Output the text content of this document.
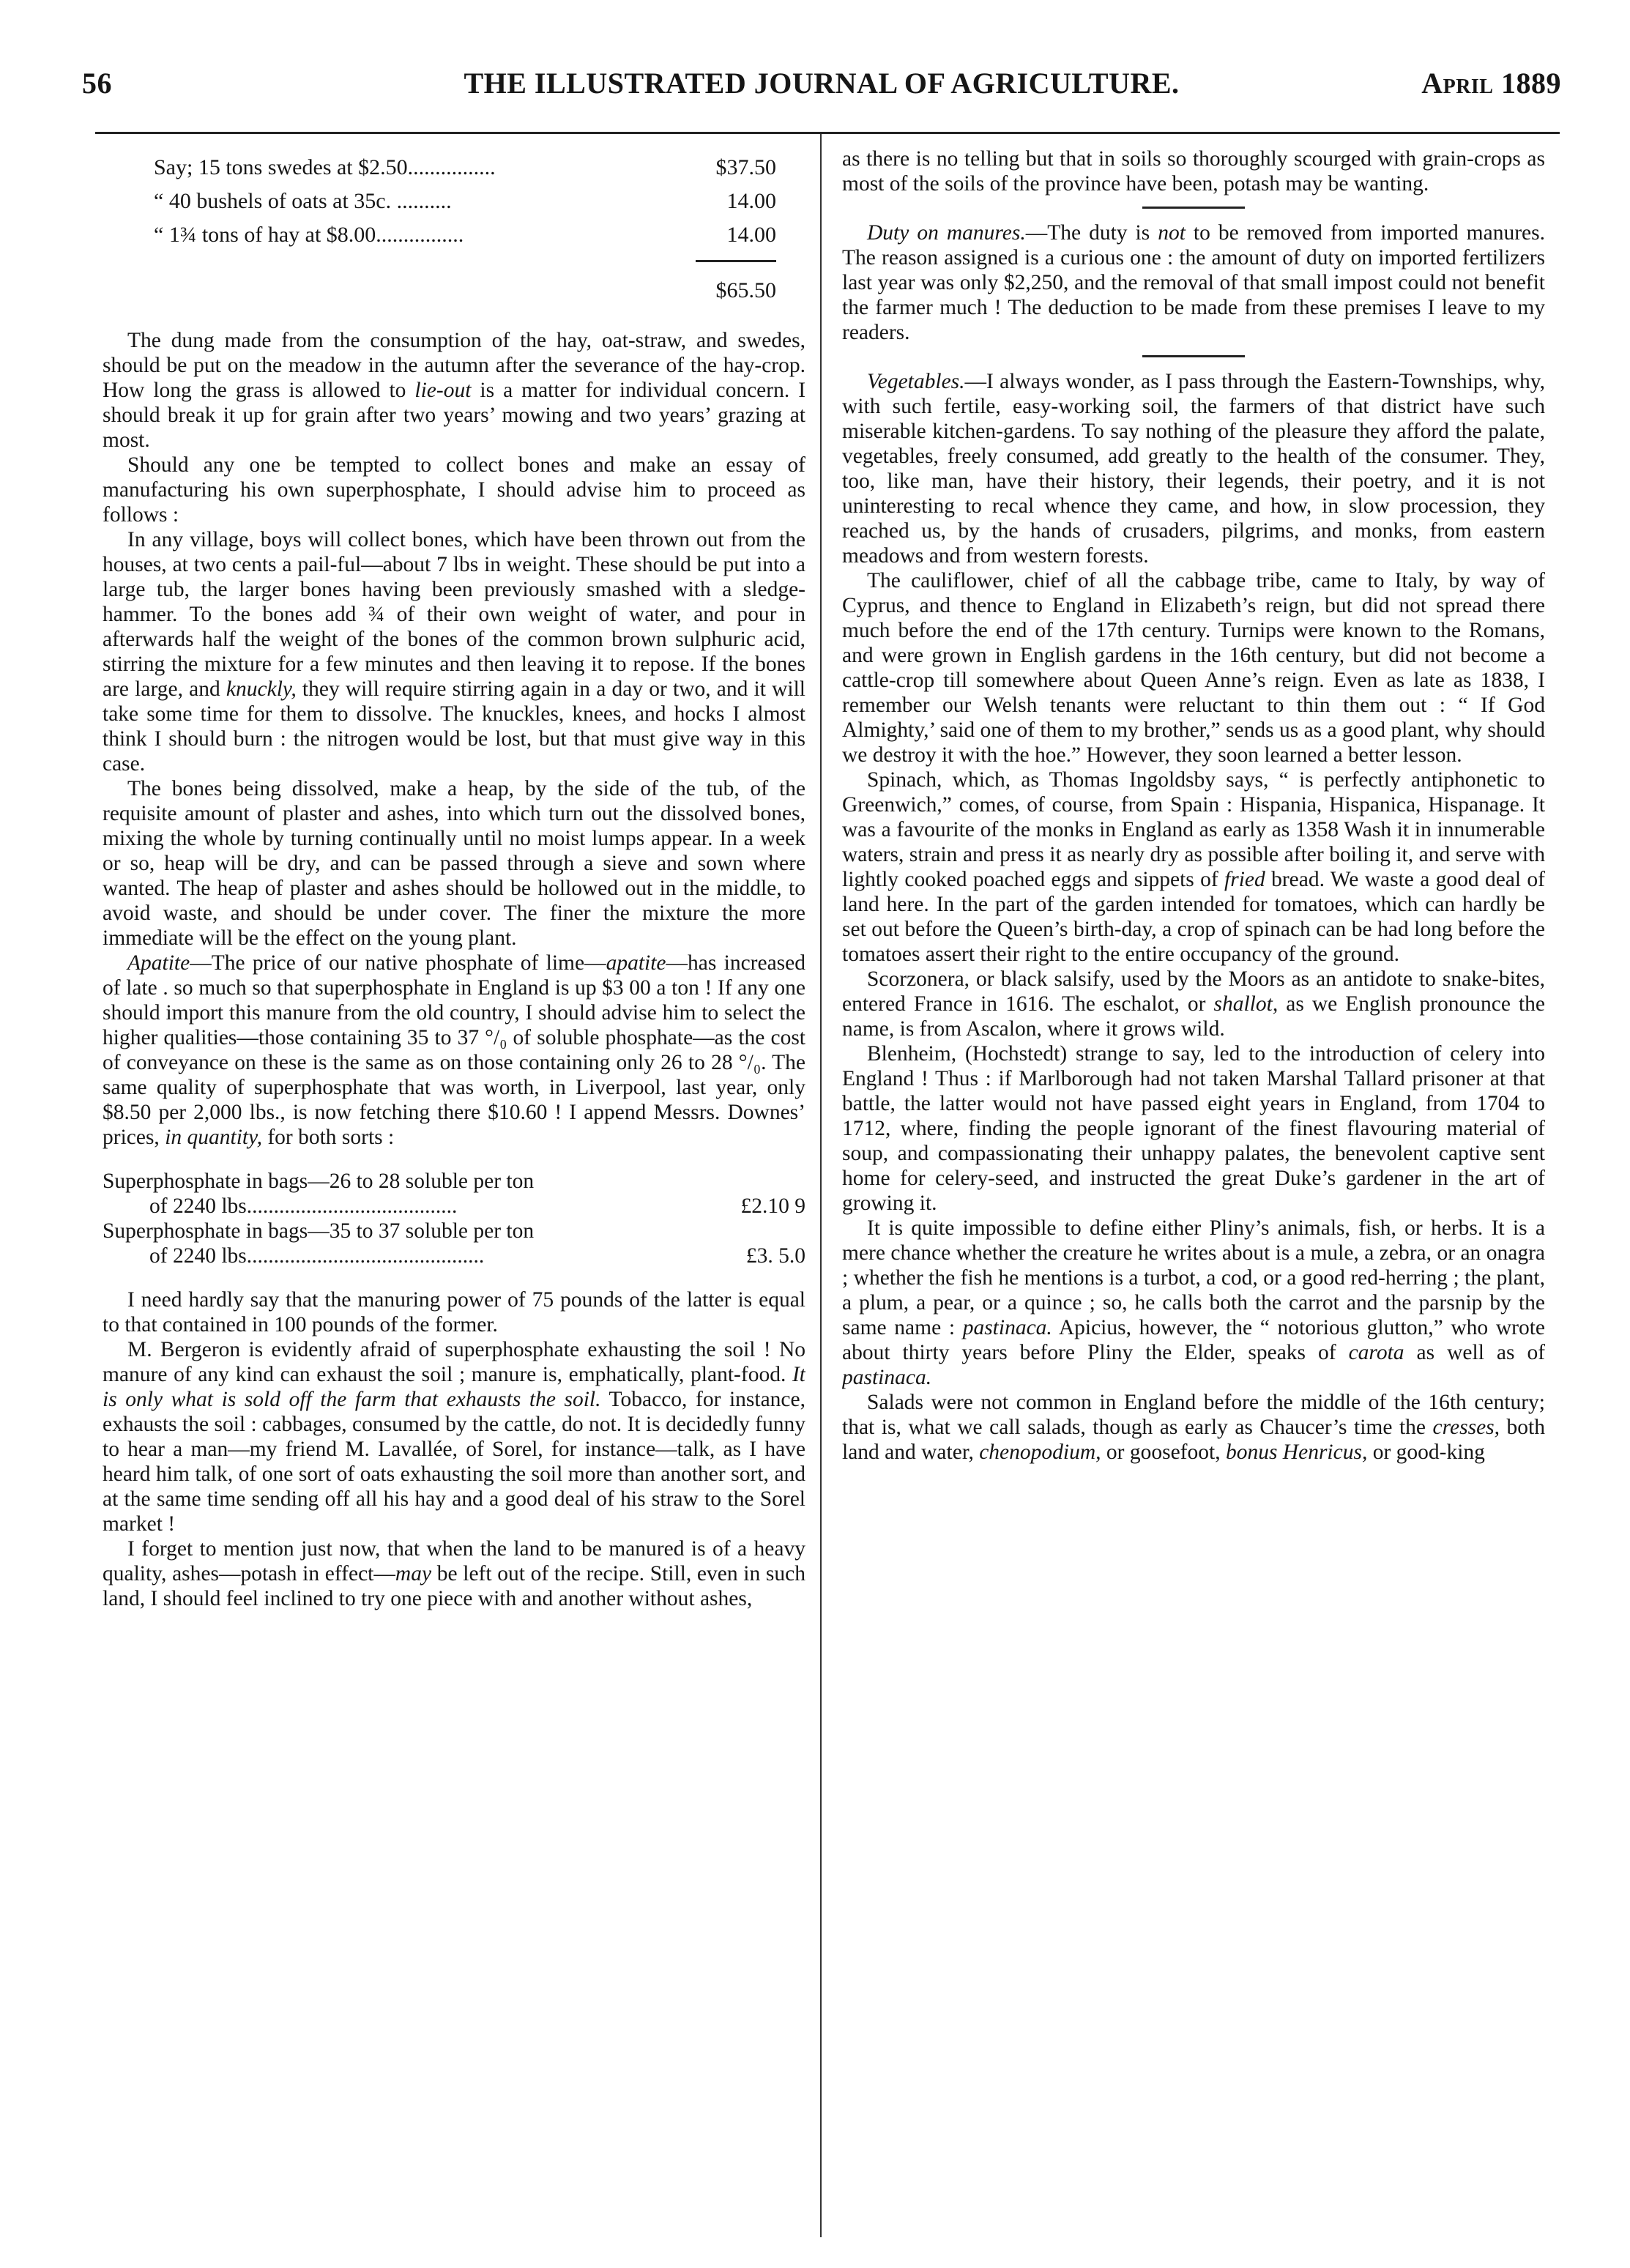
56	THE ILLUSTRATED JOURNAL OF AGRICULTURE.	April 1889
Say; 15 tons swedes at $2.50................	$37.50
“ 40 bushels of oats at 35c. ..........	14.00
“ 1¾ tons of hay at $8.00................	14.00
$65.50

The dung made from the consumption of the hay, oat-straw, and swedes, should be put on the meadow in the autumn after the severance of the hay-crop. How long the grass is allowed to lie-out is a matter for individual concern. I should break it up for grain after two years’ mowing and two years’ grazing at most.

Should any one be tempted to collect bones and make an essay of manufacturing his own superphosphate, I should advise him to proceed as follows :

In any village, boys will collect bones, which have been thrown out from the houses, at two cents a pail-ful—about 7 lbs in weight. These should be put into a large tub, the larger bones having been previously smashed with a sledge-hammer. To the bones add ¾ of their own weight of water, and pour in afterwards half the weight of the bones of the common brown sulphuric acid, stirring the mixture for a few minutes and then leaving it to repose. If the bones are large, and knuckly, they will require stirring again in a day or two, and it will take some time for them to dissolve. The knuckles, knees, and hocks I almost think I should burn : the nitrogen would be lost, but that must give way in this case.

The bones being dissolved, make a heap, by the side of the tub, of the requisite amount of plaster and ashes, into which turn out the dissolved bones, mixing the whole by turning continually until no moist lumps appear. In a week or so, heap will be dry, and can be passed through a sieve and sown where wanted. The heap of plaster and ashes should be hollowed out in the middle, to avoid waste, and should be under cover. The finer the mixture the more immediate will be the effect on the young plant.

Apatite—The price of our native phosphate of lime—apatite—has increased of late . so much so that superphosphate in England is up $3 00 a ton ! If any one should import this manure from the old country, I should advise him to select the higher qualities—those containing 35 to 37 °/₀ of soluble phosphate—as the cost of conveyance on these is the same as on those containing only 26 to 28 °/₀. The same quality of superphosphate that was worth, in Liverpool, last year, only $8.50 per 2,000 lbs., is now fetching there $10.60 ! I append Messrs. Downes’ prices, in quantity, for both sorts :

Superphosphate in bags—26 to 28 soluble per ton
of 2240 lbs.......................................	£2.10 9
Superphosphate in bags—35 to 37 soluble per ton
of 2240 lbs............................................	£3. 5.0

I need hardly say that the manuring power of 75 pounds of the latter is equal to that contained in 100 pounds of the former.

M. Bergeron is evidently afraid of superphosphate exhausting the soil ! No manure of any kind can exhaust the soil ; manure is, emphatically, plant-food. It is only what is sold off the farm that exhausts the soil. Tobacco, for instance, exhausts the soil : cabbages, consumed by the cattle, do not. It is decidedly funny to hear a man—my friend M. Lavallée, of Sorel, for instance—talk, as I have heard him talk, of one sort of oats exhausting the soil more than another sort, and at the same time sending off all his hay and a good deal of his straw to the Sorel market !

I forget to mention just now, that when the land to be manured is of a heavy quality, ashes—potash in effect—may be left out of the recipe. Still, even in such land, I should feel inclined to try one piece with and another without ashes,

as there is no telling but that in soils so thoroughly scourged with grain-crops as most of the soils of the province have been, potash may be wanting.

Duty on manures.—The duty is not to be removed from imported manures. The reason assigned is a curious one : the amount of duty on imported fertilizers last year was only $2,250, and the removal of that small impost could not benefit the farmer much ! The deduction to be made from these premises I leave to my readers.

Vegetables.—I always wonder, as I pass through the Eastern-Townships, why, with such fertile, easy-working soil, the farmers of that district have such miserable kitchen-gardens. To say nothing of the pleasure they afford the palate, vegetables, freely consumed, add greatly to the health of the consumer. They, too, like man, have their history, their legends, their poetry, and it is not uninteresting to recal whence they came, and how, in slow procession, they reached us, by the hands of crusaders, pilgrims, and monks, from eastern meadows and from western forests.

The cauliflower, chief of all the cabbage tribe, came to Italy, by way of Cyprus, and thence to England in Elizabeth’s reign, but did not spread there much before the end of the 17th century. Turnips were known to the Romans, and were grown in English gardens in the 16th century, but did not become a cattle-crop till somewhere about Queen Anne’s reign. Even as late as 1838, I remember our Welsh tenants were reluctant to thin them out : “ If God Almighty,’ said one of them to my brother,” sends us as a good plant, why should we destroy it with the hoe.” However, they soon learned a better lesson.

Spinach, which, as Thomas Ingoldsby says, “ is perfectly antiphonetic to Greenwich,” comes, of course, from Spain : Hispania, Hispanica, Hispanage. It was a favourite of the monks in England as early as 1358 Wash it in innumerable waters, strain and press it as nearly dry as possible after boiling it, and serve with lightly cooked poached eggs and sippets of fried bread. We waste a good deal of land here. In the part of the garden intended for tomatoes, which can hardly be set out before the Queen’s birth-day, a crop of spinach can be had long before the tomatoes assert their right to the entire occupancy of the ground.

Scorzonera, or black salsify, used by the Moors as an antidote to snake-bites, entered France in 1616. The eschalot, or shallot, as we English pronounce the name, is from Ascalon, where it grows wild.

Blenheim, (Hochstedt) strange to say, led to the introduction of celery into England ! Thus : if Marlborough had not taken Marshal Tallard prisoner at that battle, the latter would not have passed eight years in England, from 1704 to 1712, where, finding the people ignorant of the finest flavouring material of soup, and compassionating their unhappy palates, the benevolent captive sent home for celery-seed, and instructed the great Duke’s gardener in the art of growing it.

It is quite impossible to define either Pliny’s animals, fish, or herbs. It is a mere chance whether the creature he writes about is a mule, a zebra, or an onagra ; whether the fish he mentions is a turbot, a cod, or a good red-herring ; the plant, a plum, a pear, or a quince ; so, he calls both the carrot and the parsnip by the same name : pastinaca. Apicius, however, the “ notorious glutton,” who wrote about thirty years before Pliny the Elder, speaks of carota as well as of pastinaca.

Salads were not common in England before the middle of the 16th century; that is, what we call salads, though as early as Chaucer’s time the cresses, both land and water, chenopodium, or goosefoot, bonus Henricus, or good-king
